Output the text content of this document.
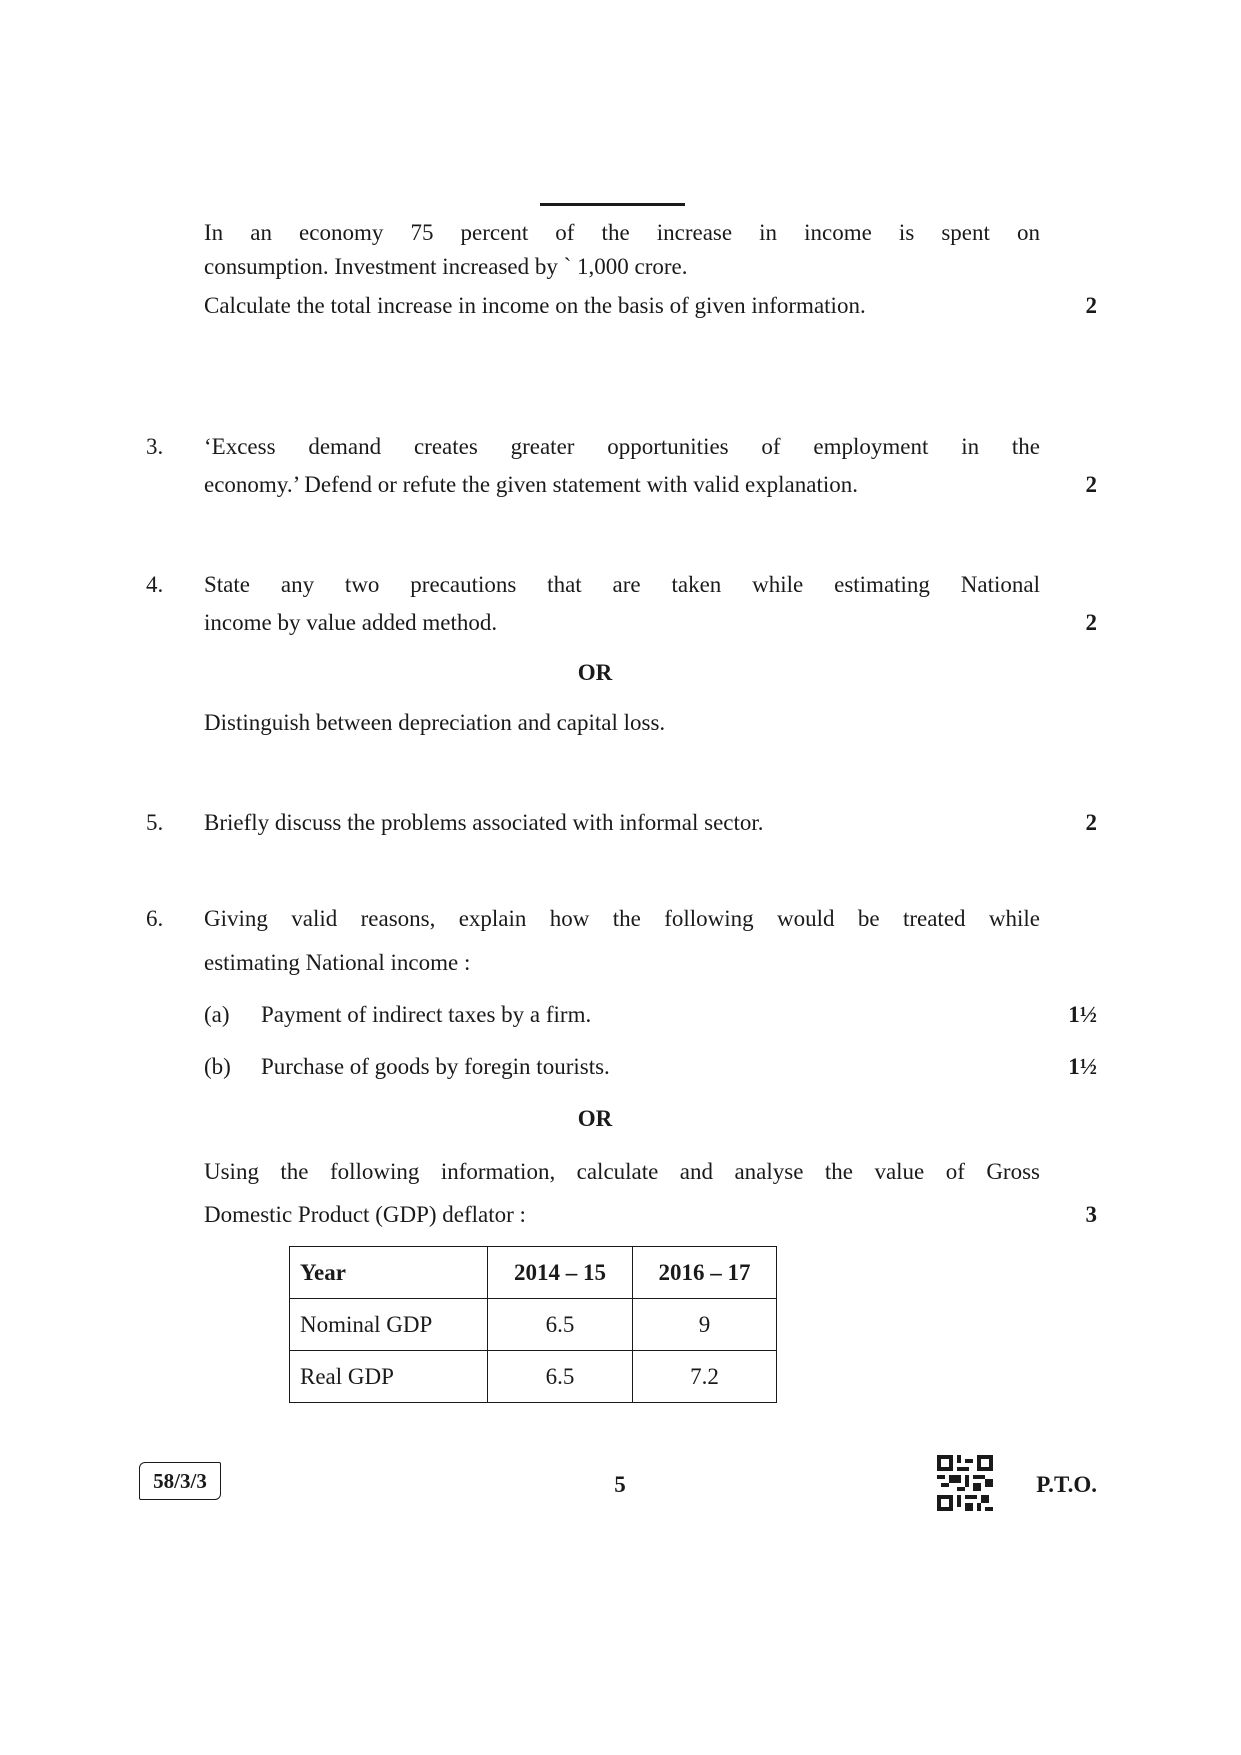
In an economy 75 percent of the increase in income is spent on
consumption. Investment increased by ` 1,000 crore.
Calculate the total increase in income on the basis of given information.	2
3. ‘Excess demand creates greater opportunities of employment in the
economy.’ Defend or refute the given statement with valid explanation.	2
4. State any two precautions that are taken while estimating National
income by value added method.	2
OR
Distinguish between depreciation and capital loss.
5. Briefly discuss the problems associated with informal sector.	2
6. Giving valid reasons, explain how the following would be treated while
estimating National income :
(a) Payment of indirect taxes by a firm.	1½
(b) Purchase of goods by foregin tourists.	1½
OR
Using the following information, calculate and analyse the value of Gross
Domestic Product (GDP) deflator :	3
Year	2014 – 15	2016 – 17
Nominal GDP	6.5	9
Real GDP	6.5	7.2
58/3/3	5	P.T.O.
